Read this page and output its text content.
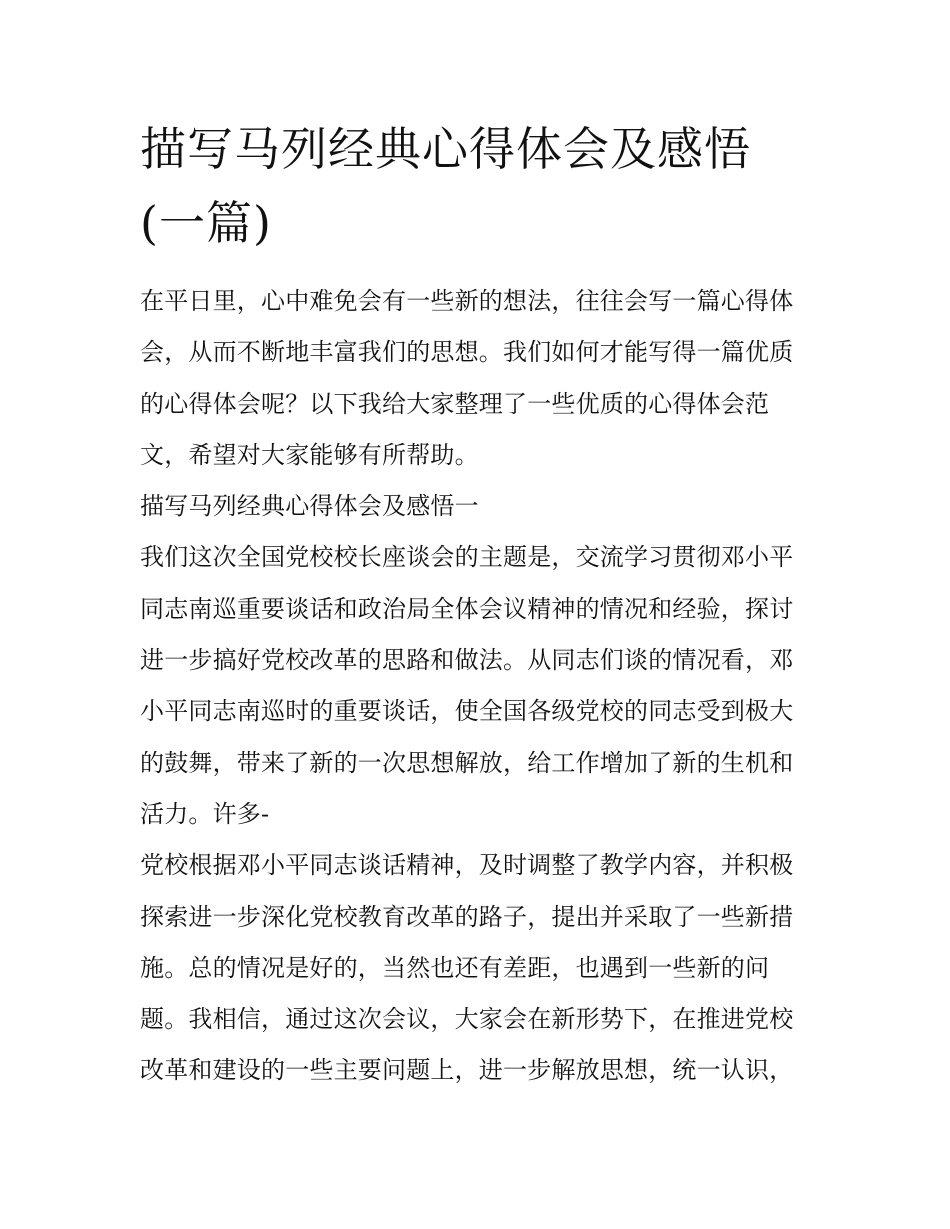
描写马列经典心得体会及感悟
(一篇)
在平日里，心中难免会有一些新的想法，往往会写一篇心得体
会，从而不断地丰富我们的思想。我们如何才能写得一篇优质
的心得体会呢？以下我给大家整理了一些优质的心得体会范
文，希望对大家能够有所帮助。
描写马列经典心得体会及感悟一
我们这次全国党校校长座谈会的主题是，交流学习贯彻邓小平
同志南巡重要谈话和政治局全体会议精神的情况和经验，探讨
进一步搞好党校改革的思路和做法。从同志们谈的情况看，邓
小平同志南巡时的重要谈话，使全国各级党校的同志受到极大
的鼓舞，带来了新的一次思想解放，给工作增加了新的生机和
活力。许多-
党校根据邓小平同志谈话精神，及时调整了教学内容，并积极
探索进一步深化党校教育改革的路子，提出并采取了一些新措
施。总的情况是好的，当然也还有差距，也遇到一些新的问
题。我相信，通过这次会议，大家会在新形势下，在推进党校
改革和建设的一些主要问题上，进一步解放思想，统一认识，
